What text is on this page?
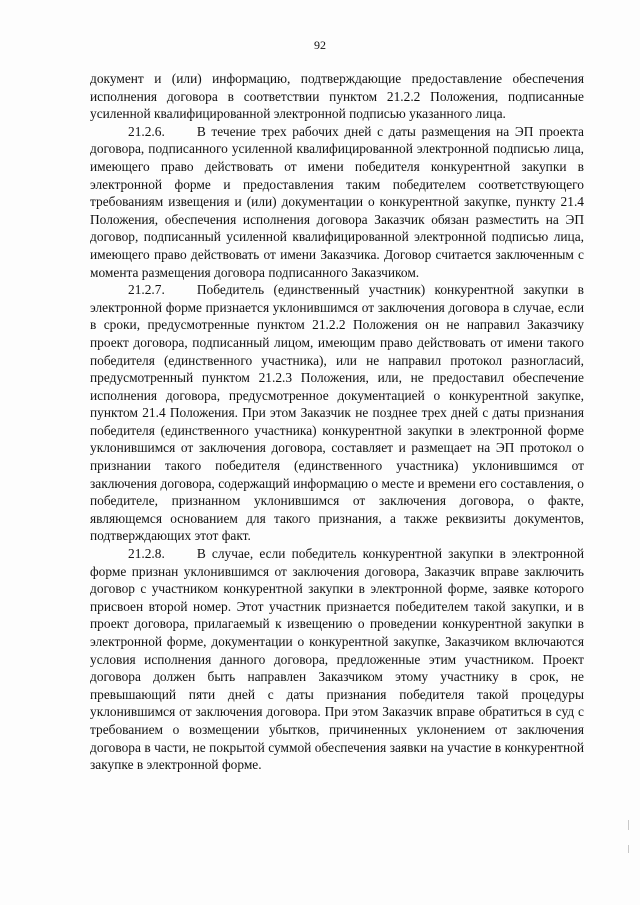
92

документ и (или) информацию, подтверждающие предоставление обеспечения исполнения договора в соответствии пунктом 21.2.2 Положения, подписанные усиленной квалифицированной электронной подписью указанного лица.

21.2.6. В течение трех рабочих дней с даты размещения на ЭП проекта договора, подписанного усиленной квалифицированной электронной подписью лица, имеющего право действовать от имени победителя конкурентной закупки в электронной форме и предоставления таким победителем соответствующего требованиям извещения и (или) документации о конкурентной закупке, пункту 21.4 Положения, обеспечения исполнения договора Заказчик обязан разместить на ЭП договор, подписанный усиленной квалифицированной электронной подписью лица, имеющего право действовать от имени Заказчика. Договор считается заключенным с момента размещения договора подписанного Заказчиком.

21.2.7. Победитель (единственный участник) конкурентной закупки в электронной форме признается уклонившимся от заключения договора в случае, если в сроки, предусмотренные пунктом 21.2.2 Положения он не направил Заказчику проект договора, подписанный лицом, имеющим право действовать от имени такого победителя (единственного участника), или не направил протокол разногласий, предусмотренный пунктом 21.2.3 Положения, или, не предоставил обеспечение исполнения договора, предусмотренное документацией о конкурентной закупке, пунктом 21.4 Положения. При этом Заказчик не позднее трех дней с даты признания победителя (единственного участника) конкурентной закупки в электронной форме уклонившимся от заключения договора, составляет и размещает на ЭП протокол о признании такого победителя (единственного участника) уклонившимся от заключения договора, содержащий информацию о месте и времени его составления, о победителе, признанном уклонившимся от заключения договора, о факте, являющемся основанием для такого признания, а также реквизиты документов, подтверждающих этот факт.

21.2.8. В случае, если победитель конкурентной закупки в электронной форме признан уклонившимся от заключения договора, Заказчик вправе заключить договор с участником конкурентной закупки в электронной форме, заявке которого присвоен второй номер. Этот участник признается победителем такой закупки, и в проект договора, прилагаемый к извещению о проведении конкурентной закупки в электронной форме, документации о конкурентной закупке, Заказчиком включаются условия исполнения данного договора, предложенные этим участником. Проект договора должен быть направлен Заказчиком этому участнику в срок, не превышающий пяти дней с даты признания победителя такой процедуры уклонившимся от заключения договора. При этом Заказчик вправе обратиться в суд с требованием о возмещении убытков, причиненных уклонением от заключения договора в части, не покрытой суммой обеспечения заявки на участие в конкурентной закупке в электронной форме.
